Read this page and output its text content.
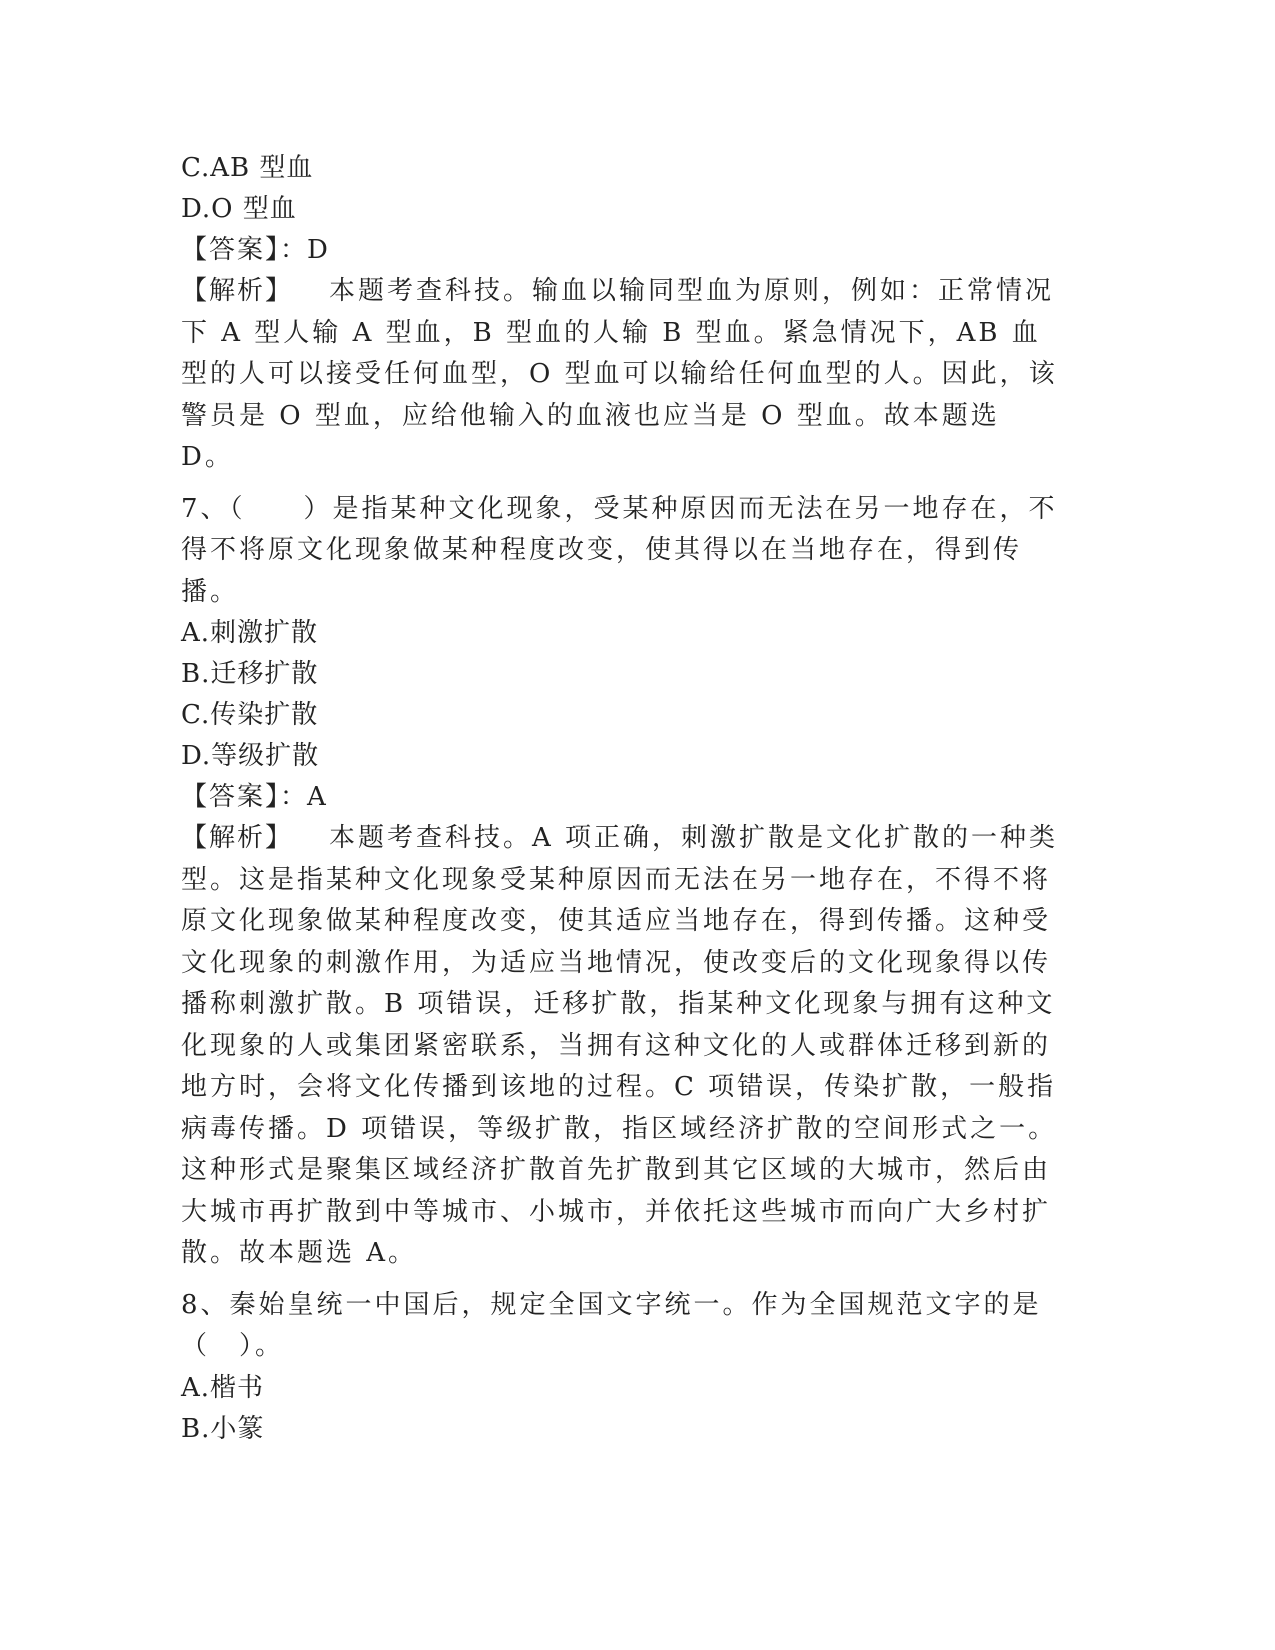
C.AB 型血
D.O 型血
【答案】：D
【解析】 本题考查科技。输血以输同型血为原则，例如：正常情况下 A 型人输 A 型血，B 型血的人输 B 型血。紧急情况下，AB 血型的人可以接受任何血型，O 型血可以输给任何血型的人。因此，该警员是 O 型血，应给他输入的血液也应当是 O 型血。故本题选 D。
7、（　　）是指某种文化现象，受某种原因而无法在另一地存在，不得不将原文化现象做某种程度改变，使其得以在当地存在，得到传播。
A.刺激扩散
B.迁移扩散
C.传染扩散
D.等级扩散
【答案】：A
【解析】 本题考查科技。A 项正确，刺激扩散是文化扩散的一种类型。这是指某种文化现象受某种原因而无法在另一地存在，不得不将原文化现象做某种程度改变，使其适应当地存在，得到传播。这种受文化现象的刺激作用，为适应当地情况，使改变后的文化现象得以传播称刺激扩散。B 项错误，迁移扩散，指某种文化现象与拥有这种文化现象的人或集团紧密联系，当拥有这种文化的人或群体迁移到新的地方时，会将文化传播到该地的过程。C 项错误，传染扩散，一般指病毒传播。D 项错误，等级扩散，指区域经济扩散的空间形式之一。这种形式是聚集区域经济扩散首先扩散到其它区域的大城市，然后由大城市再扩散到中等城市、小城市，并依托这些城市而向广大乡村扩散。故本题选 A。
8、秦始皇统一中国后，规定全国文字统一。作为全国规范文字的是（　）。
A.楷书
B.小篆
